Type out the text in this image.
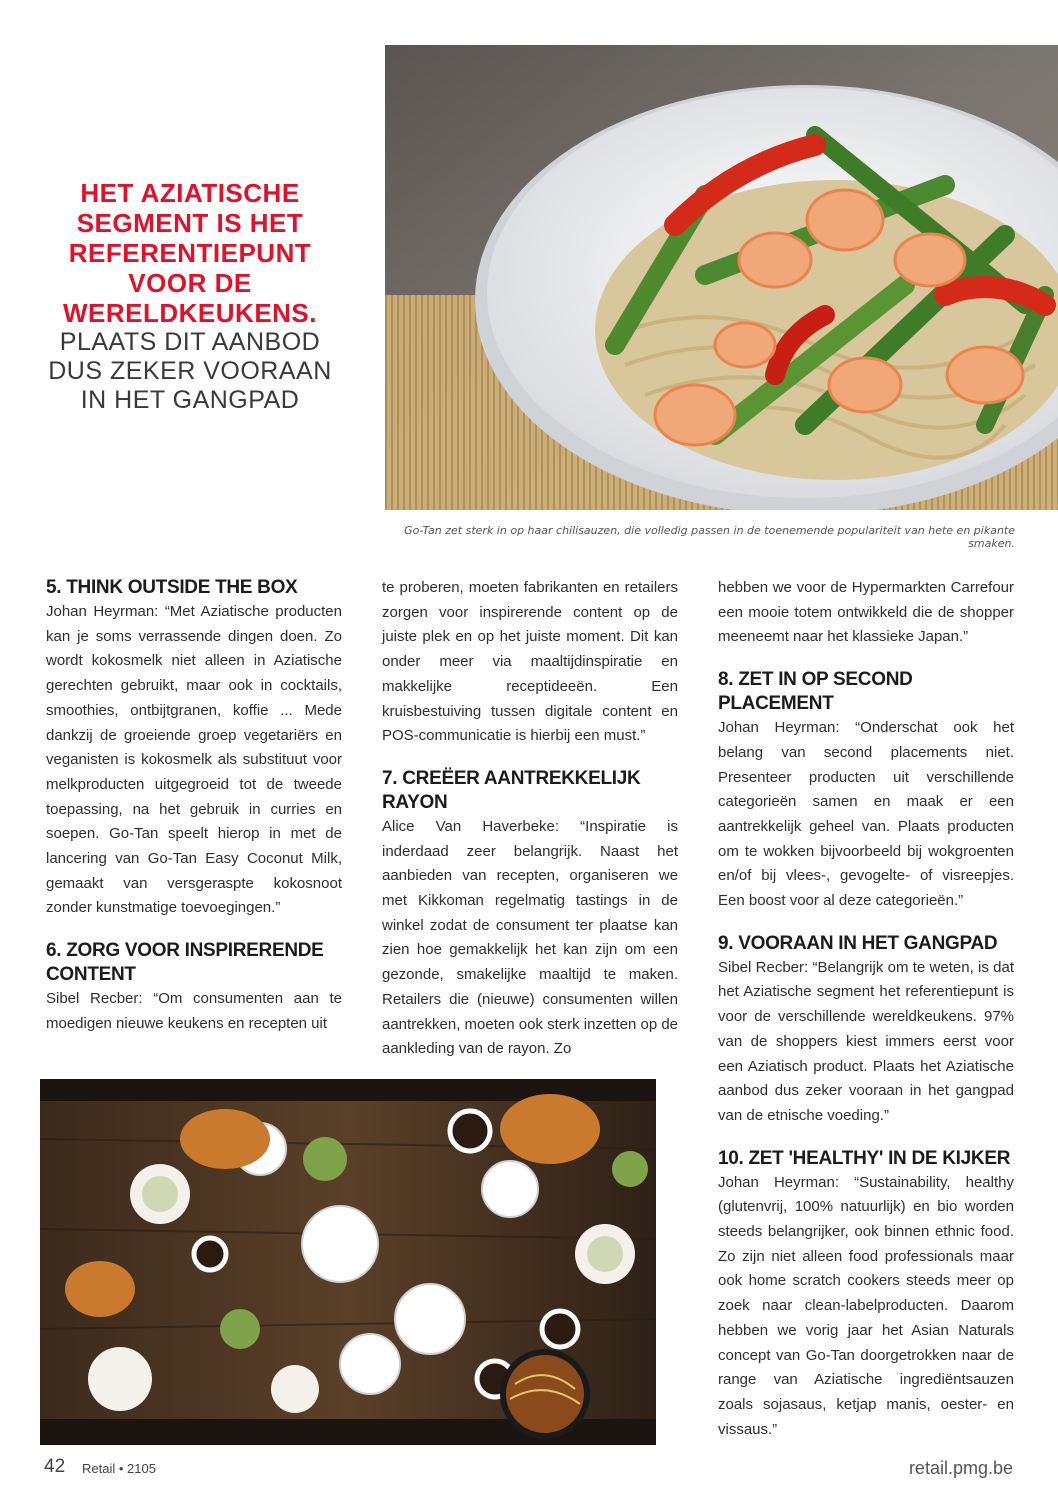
HET AZIATISCHE
SEGMENT IS HET
REFERENTIEPUNT
VOOR DE
WERELDKEUKENS.
PLAATS DIT AANBOD
DUS ZEKER VOORAAN
IN HET GANGPAD
Go-Tan zet sterk in op haar chilisauzen, die volledig passen in de toenemende populariteit van hete en pikante smaken.
5. THINK OUTSIDE THE BOX

Johan Heyrman: “Met Aziatische producten kan je soms verrassende dingen doen. Zo wordt kokosmelk niet alleen in Aziatische gerechten gebruikt, maar ook in cocktails, smoothies, ontbijtgranen, koffie ... Mede dankzij de groeiende groep vegetariërs en veganisten is kokosmelk als substituut voor melkproducten uitgegroeid tot de tweede toepassing, na het gebruik in curries en soepen. Go-Tan speelt hierop in met de lancering van Go-Tan Easy Coconut Milk, gemaakt van versgeraspte kokosnoot zonder kunstmatige toevoegingen.”

6. ZORG VOOR INSPIRERENDE CONTENT

Sibel Recber: “Om consumenten aan te moedigen nieuwe keukens en recepten uit

te proberen, moeten fabrikanten en retailers zorgen voor inspirerende content op de juiste plek en op het juiste moment. Dit kan onder meer via maaltijdinspiratie en makkelijke receptideeën. Een kruisbestuiving tussen digitale content en POS-communicatie is hierbij een must.”

7. CREËER AANTREKKELIJK RAYON

Alice Van Haverbeke: “Inspiratie is inderdaad zeer belangrijk. Naast het aanbieden van recepten, organiseren we met Kikkoman regelmatig tastings in de winkel zodat de consument ter plaatse kan zien hoe gemakkelijk het kan zijn om een gezonde, smakelijke maaltijd te maken. Retailers die (nieuwe) consumenten willen aantrekken, moeten ook sterk inzetten op de aankleding van de rayon. Zo

hebben we voor de Hypermarkten Carrefour een mooie totem ontwikkeld die de shopper meeneemt naar het klassieke Japan.”

8. ZET IN OP SECOND PLACEMENT

Johan Heyrman: “Onderschat ook het belang van second placements niet. Presenteer producten uit verschillende categorieën samen en maak er een aantrekkelijk geheel van. Plaats producten om te wokken bijvoorbeeld bij wokgroenten en/of bij vlees-, gevogelte- of visreepjes. Een boost voor al deze categorieën.”

9. VOORAAN IN HET GANGPAD

Sibel Recber: “Belangrijk om te weten, is dat het Aziatische segment het referentiepunt is voor de verschillende wereldkeukens. 97% van de shoppers kiest immers eerst voor een Aziatisch product. Plaats het Aziatische aanbod dus zeker vooraan in het gangpad van de etnische voeding.”

10. ZET 'HEALTHY' IN DE KIJKER

Johan Heyrman: “Sustainability, healthy (glutenvrij, 100% natuurlijk) en bio worden steeds belangrijker, ook binnen ethnic food. Zo zijn niet alleen food professionals maar ook home scratch cookers steeds meer op zoek naar clean-labelproducten. Daarom hebben we vorig jaar het Asian Naturals concept van Go-Tan doorgetrokken naar de range van Aziatische ingrediëntsauzen zoals sojasaus, ketjap manis, oester- en vissaus.”

42 Retail • 2105	retail.pmg.be
